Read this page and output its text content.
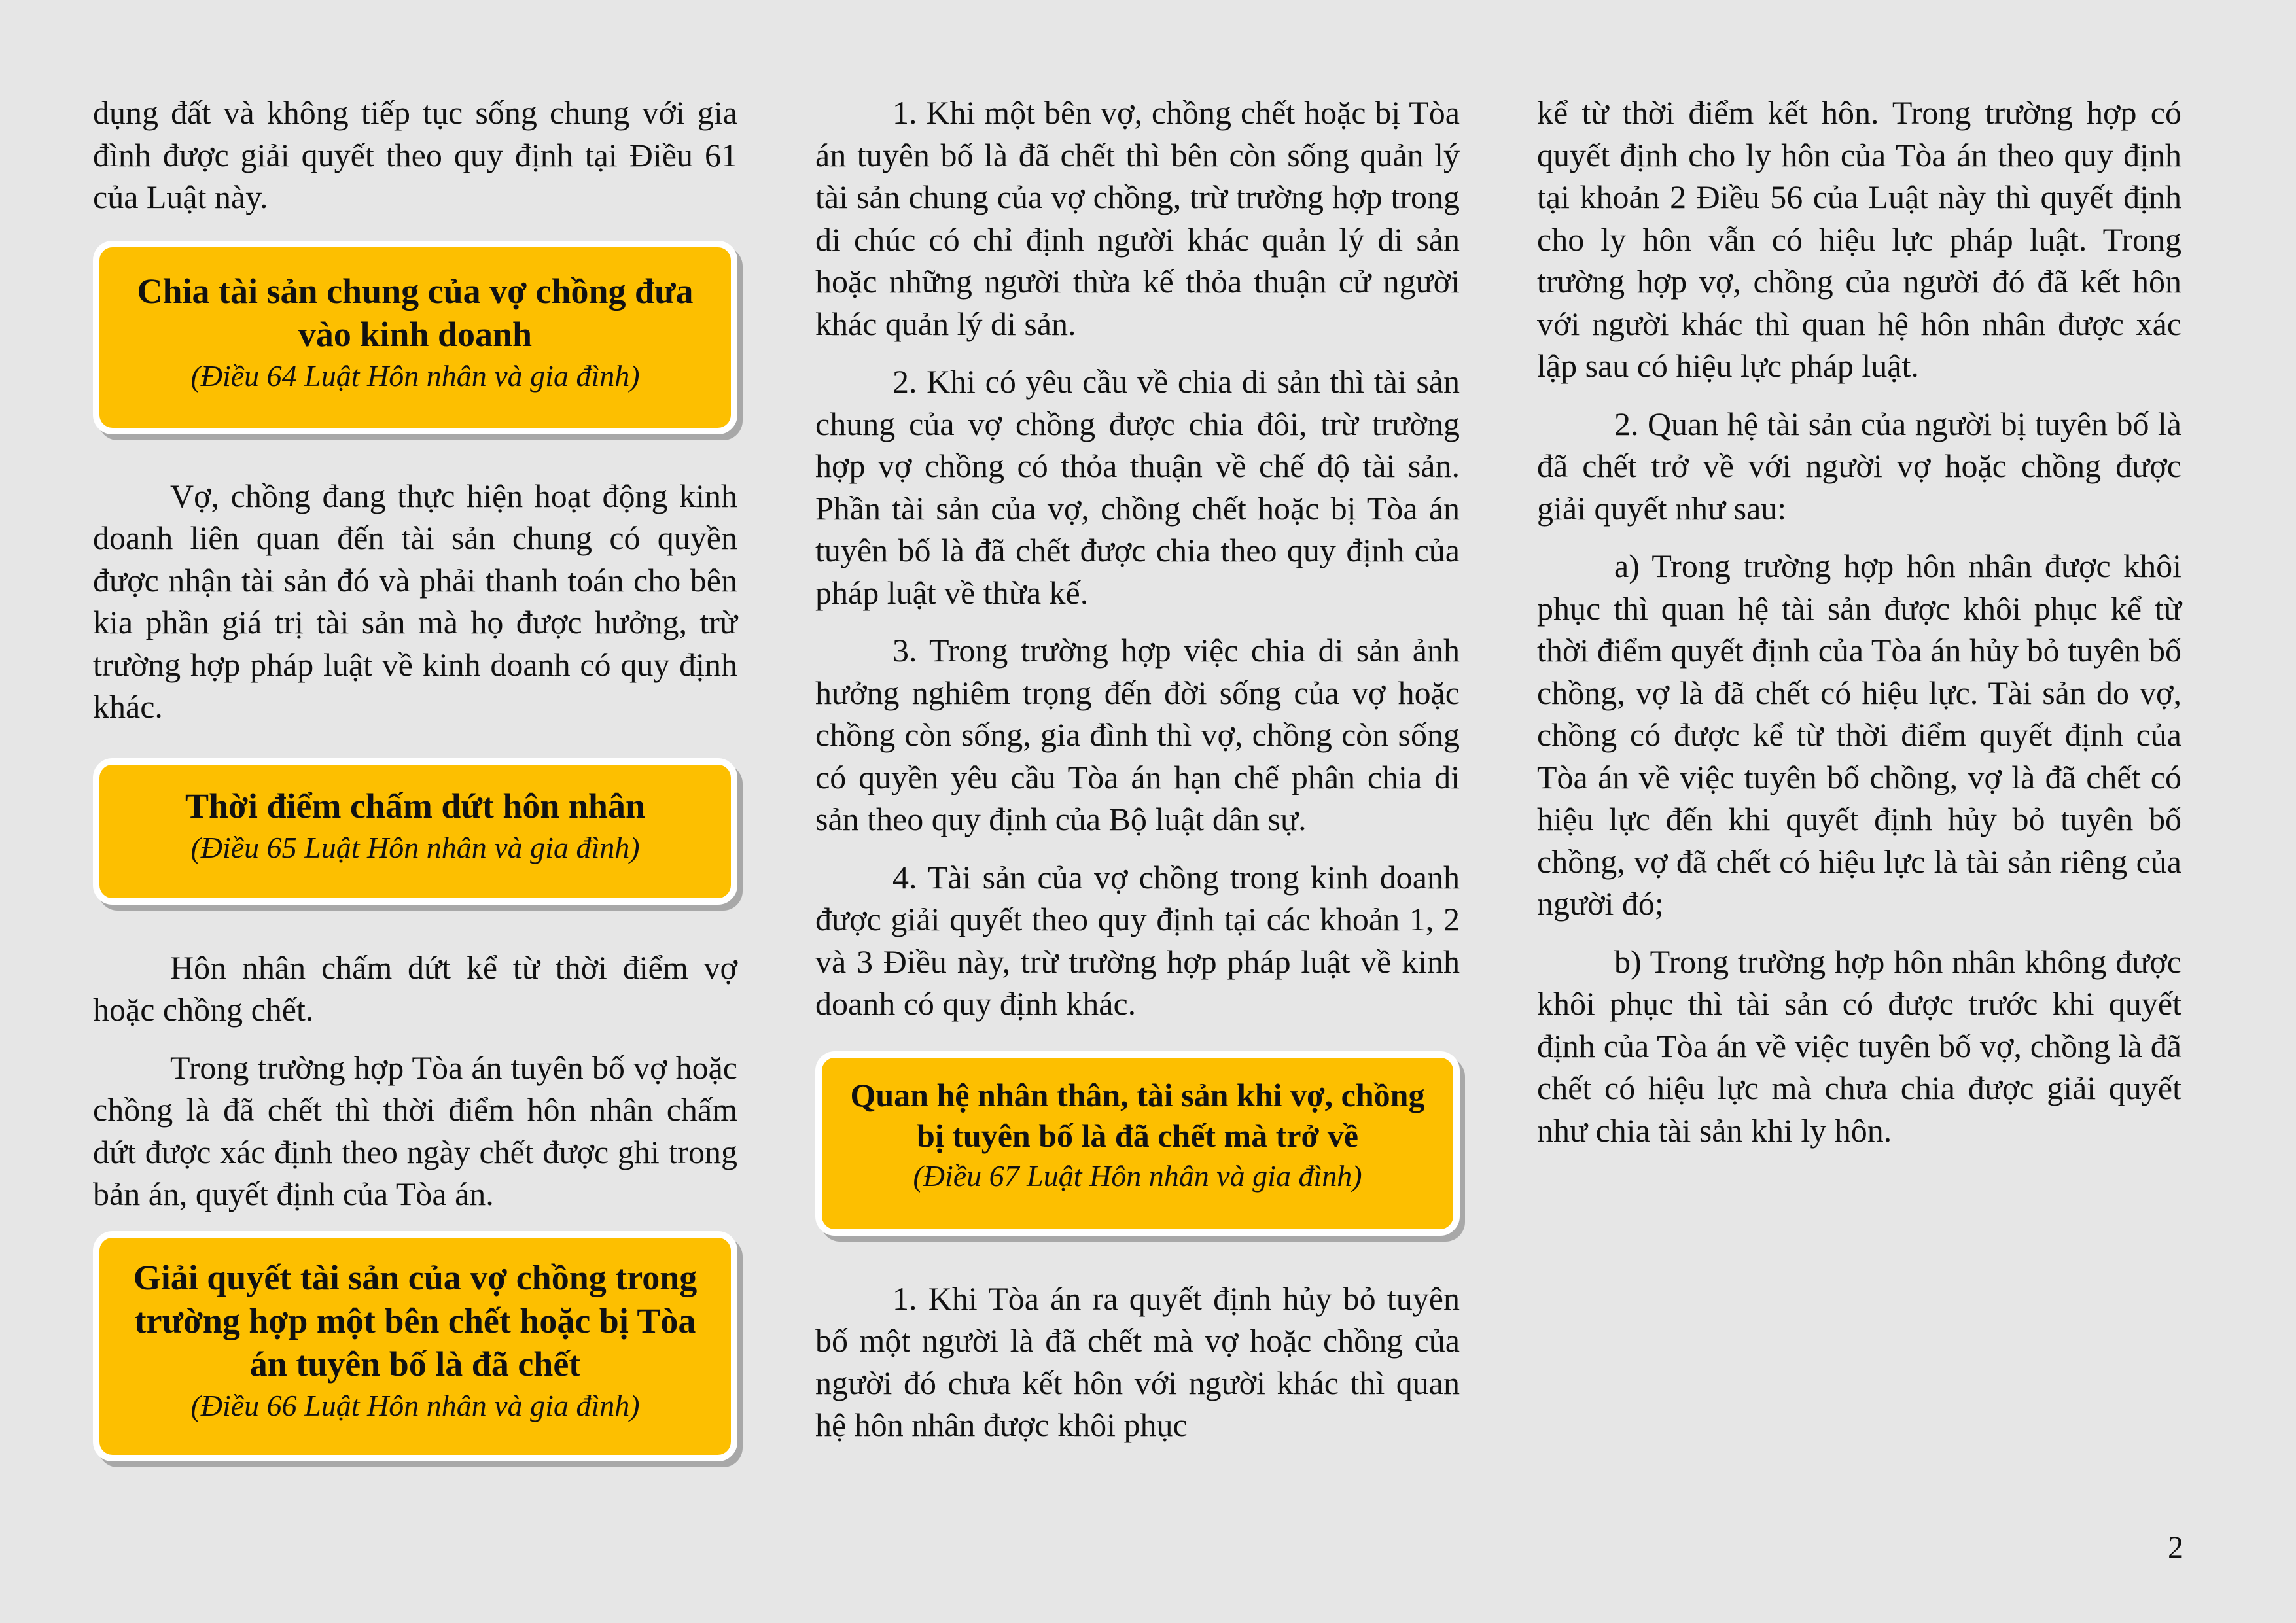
dụng đất và không tiếp tục sống chung với gia đình được giải quyết theo quy định tại Điều 61 của Luật này.

Chia tài sản chung của vợ chồng đưa vào kinh doanh
(Điều 64 Luật Hôn nhân và gia đình)

Vợ, chồng đang thực hiện hoạt động kinh doanh liên quan đến tài sản chung có quyền được nhận tài sản đó và phải thanh toán cho bên kia phần giá trị tài sản mà họ được hưởng, trừ trường hợp pháp luật về kinh doanh có quy định khác.

Thời điểm chấm dứt hôn nhân
(Điều 65 Luật Hôn nhân và gia đình)

Hôn nhân chấm dứt kể từ thời điểm vợ hoặc chồng chết.

Trong trường hợp Tòa án tuyên bố vợ hoặc chồng là đã chết thì thời điểm hôn nhân chấm dứt được xác định theo ngày chết được ghi trong bản án, quyết định của Tòa án.

Giải quyết tài sản của vợ chồng trong trường hợp một bên chết hoặc bị Tòa án tuyên bố là đã chết
(Điều 66 Luật Hôn nhân và gia đình)

1. Khi một bên vợ, chồng chết hoặc bị Tòa án tuyên bố là đã chết thì bên còn sống quản lý tài sản chung của vợ chồng, trừ trường hợp trong di chúc có chỉ định người khác quản lý di sản hoặc những người thừa kế thỏa thuận cử người khác quản lý di sản.

2. Khi có yêu cầu về chia di sản thì tài sản chung của vợ chồng được chia đôi, trừ trường hợp vợ chồng có thỏa thuận về chế độ tài sản. Phần tài sản của vợ, chồng chết hoặc bị Tòa án tuyên bố là đã chết được chia theo quy định của pháp luật về thừa kế.

3. Trong trường hợp việc chia di sản ảnh hưởng nghiêm trọng đến đời sống của vợ hoặc chồng còn sống, gia đình thì vợ, chồng còn sống có quyền yêu cầu Tòa án hạn chế phân chia di sản theo quy định của Bộ luật dân sự.

4. Tài sản của vợ chồng trong kinh doanh được giải quyết theo quy định tại các khoản 1, 2 và 3 Điều này, trừ trường hợp pháp luật về kinh doanh có quy định khác.

Quan hệ nhân thân, tài sản khi vợ, chồng bị tuyên bố là đã chết mà trở về
(Điều 67 Luật Hôn nhân và gia đình)

1. Khi Tòa án ra quyết định hủy bỏ tuyên bố một người là đã chết mà vợ hoặc chồng của người đó chưa kết hôn với người khác thì quan hệ hôn nhân được khôi phục

kể từ thời điểm kết hôn. Trong trường hợp có quyết định cho ly hôn của Tòa án theo quy định tại khoản 2 Điều 56 của Luật này thì quyết định cho ly hôn vẫn có hiệu lực pháp luật. Trong trường hợp vợ, chồng của người đó đã kết hôn với người khác thì quan hệ hôn nhân được xác lập sau có hiệu lực pháp luật.

2. Quan hệ tài sản của người bị tuyên bố là đã chết trở về với người vợ hoặc chồng được giải quyết như sau:

a) Trong trường hợp hôn nhân được khôi phục thì quan hệ tài sản được khôi phục kể từ thời điểm quyết định của Tòa án hủy bỏ tuyên bố chồng, vợ là đã chết có hiệu lực. Tài sản do vợ, chồng có được kể từ thời điểm quyết định của Tòa án về việc tuyên bố chồng, vợ là đã chết có hiệu lực đến khi quyết định hủy bỏ tuyên bố chồng, vợ đã chết có hiệu lực là tài sản riêng của người đó;

b) Trong trường hợp hôn nhân không được khôi phục thì tài sản có được trước khi quyết định của Tòa án về việc tuyên bố vợ, chồng là đã chết có hiệu lực mà chưa chia được giải quyết như chia tài sản khi ly hôn.

2
